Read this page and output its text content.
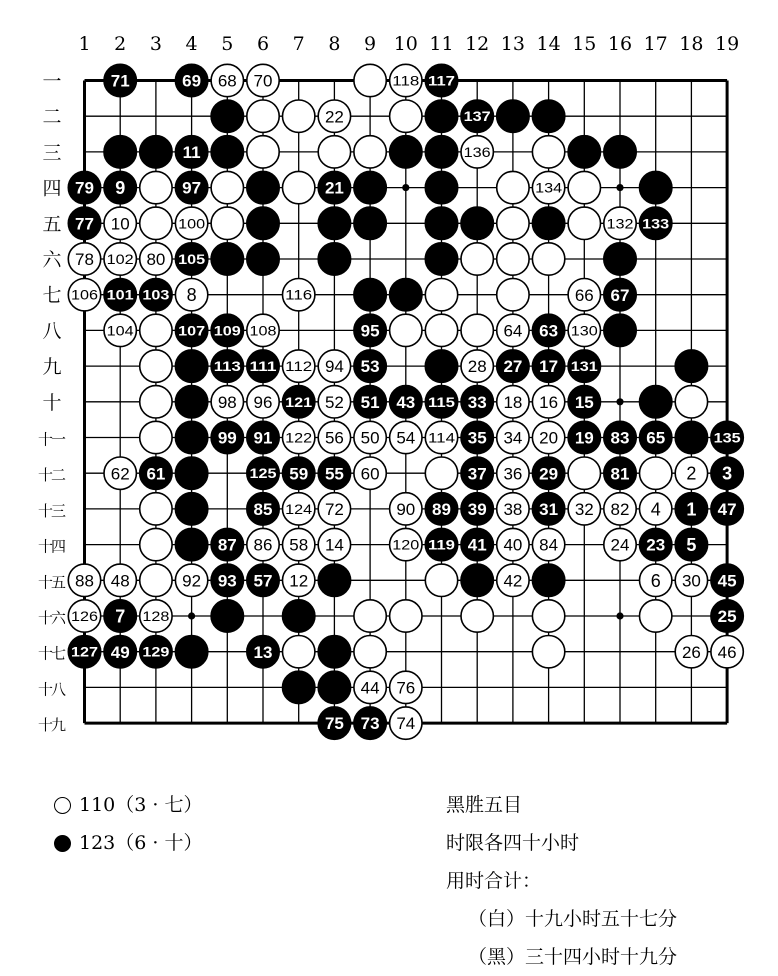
1 2 3 4 5 6 7 8 9 10 11 12 13 14 15 16 17 18 19
一
二
三
四
五
六
七
八
九
十
十一
十二
十三
十四
十五
十六
十七
十八
十九
71	69 68 70	118 117
22	137
11	136
79 9	97	21	134
77 10	100	132 133
78 102 80 105
106 101 103 8	116	66 67
104	107 109 108	95	64 63 130
113 111 112 94 53	28 27 17 131
98 96 121 52 51 43 115 33 18 16 15
99 91 122 56 50 54 114 35 34 20 19 83 65	135
62 61	125 59 55 60	37 36 29	81	2 3
85 124 72	90 89 39 38 31 32 82 4 1 47
87 86 58 14	120 119 41 40 84	24 23 5
88 48	92 93 57 12	42	6 30 45
126 7 128	25
127 49 129	13	26 46
44 76
75 73 74
110（3 · 七）
123（6 · 十）
黑胜五目
时限各四十小时
用时合计：
（白）十九小时五十七分
（黑）三十四小时十九分
